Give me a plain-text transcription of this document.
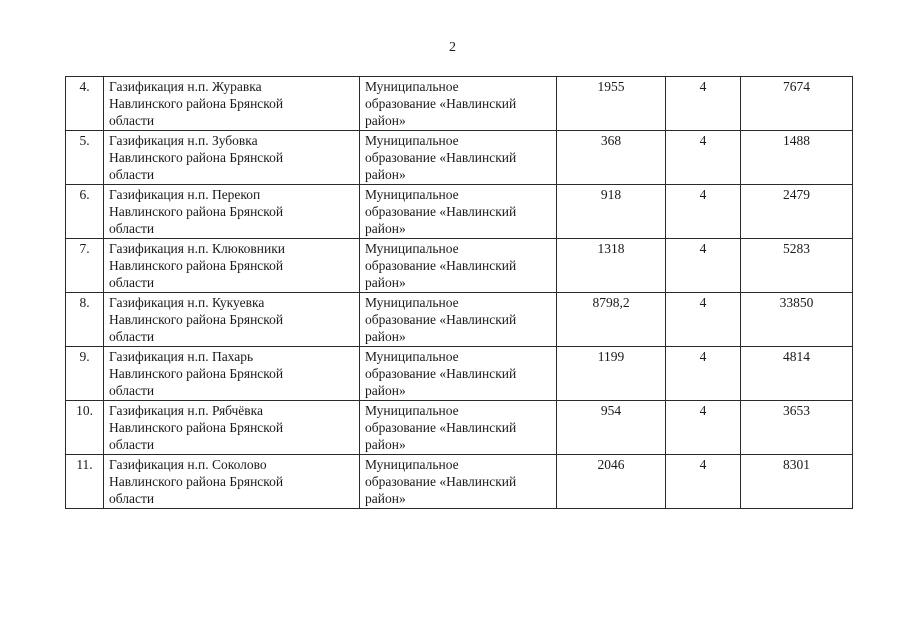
2
4.	Газификация н.п. Журавка
Навлинского района Брянской
области	Муниципальное
образование «Навлинский
район»	1955	4	7674
5.	Газификация н.п. Зубовка
Навлинского района Брянской
области	Муниципальное
образование «Навлинский
район»	368	4	1488
6.	Газификация н.п. Перекоп
Навлинского района Брянской
области	Муниципальное
образование «Навлинский
район»	918	4	2479
7.	Газификация н.п. Клюковники
Навлинского района Брянской
области	Муниципальное
образование «Навлинский
район»	1318	4	5283
8.	Газификация н.п. Кукуевка
Навлинского района Брянской
области	Муниципальное
образование «Навлинский
район»	8798,2	4	33850
9.	Газификация н.п. Пахарь
Навлинского района Брянской
области	Муниципальное
образование «Навлинский
район»	1199	4	4814
10.	Газификация н.п. Рябчёвка
Навлинского района Брянской
области	Муниципальное
образование «Навлинский
район»	954	4	3653
11.	Газификация н.п. Соколово
Навлинского района Брянской
области	Муниципальное
образование «Навлинский
район»	2046	4	8301
